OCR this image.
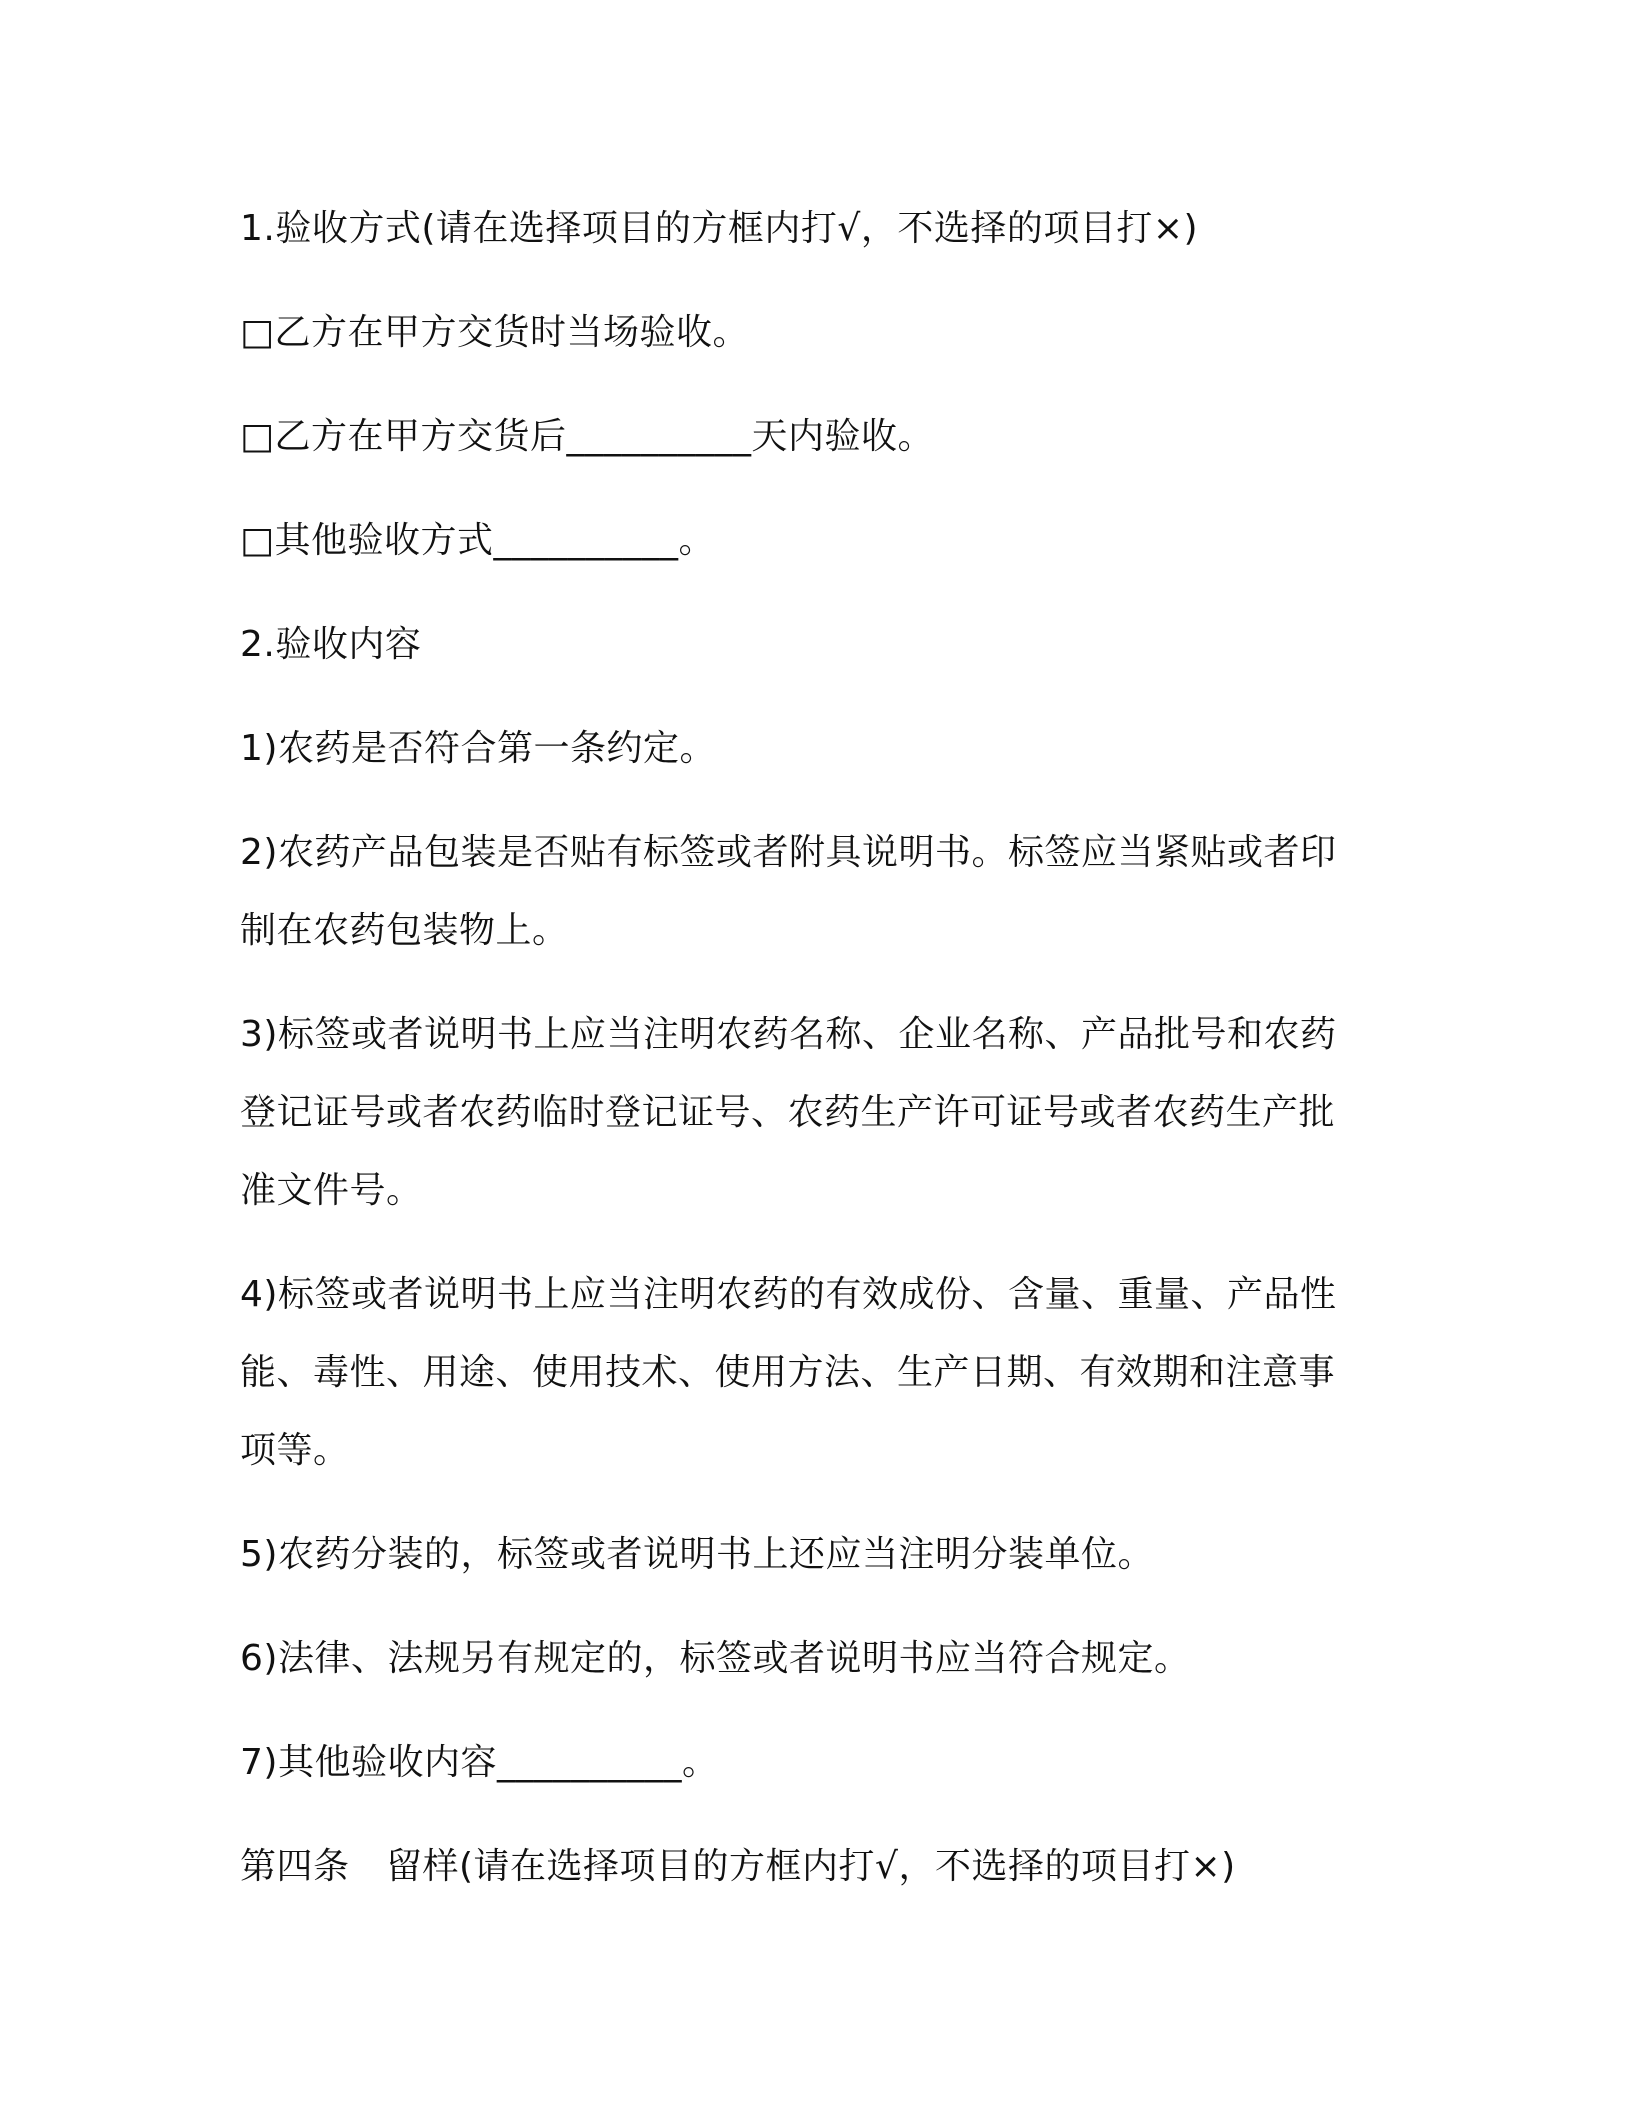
1.验收方式(请在选择项目的方框内打√，不选择的项目打×)

□乙方在甲方交货时当场验收。

□乙方在甲方交货后__________天内验收。

□其他验收方式__________。

2.验收内容

1)农药是否符合第一条约定。

2)农药产品包装是否贴有标签或者附具说明书。标签应当紧贴或者印制在农药包装物上。

3)标签或者说明书上应当注明农药名称、企业名称、产品批号和农药登记证号或者农药临时登记证号、农药生产许可证号或者农药生产批准文件号。

4)标签或者说明书上应当注明农药的有效成份、含量、重量、产品性能、毒性、用途、使用技术、使用方法、生产日期、有效期和注意事项等。

5)农药分装的，标签或者说明书上还应当注明分装单位。

6)法律、法规另有规定的，标签或者说明书应当符合规定。

7)其他验收内容__________。

第四条　留样(请在选择项目的方框内打√，不选择的项目打×)
